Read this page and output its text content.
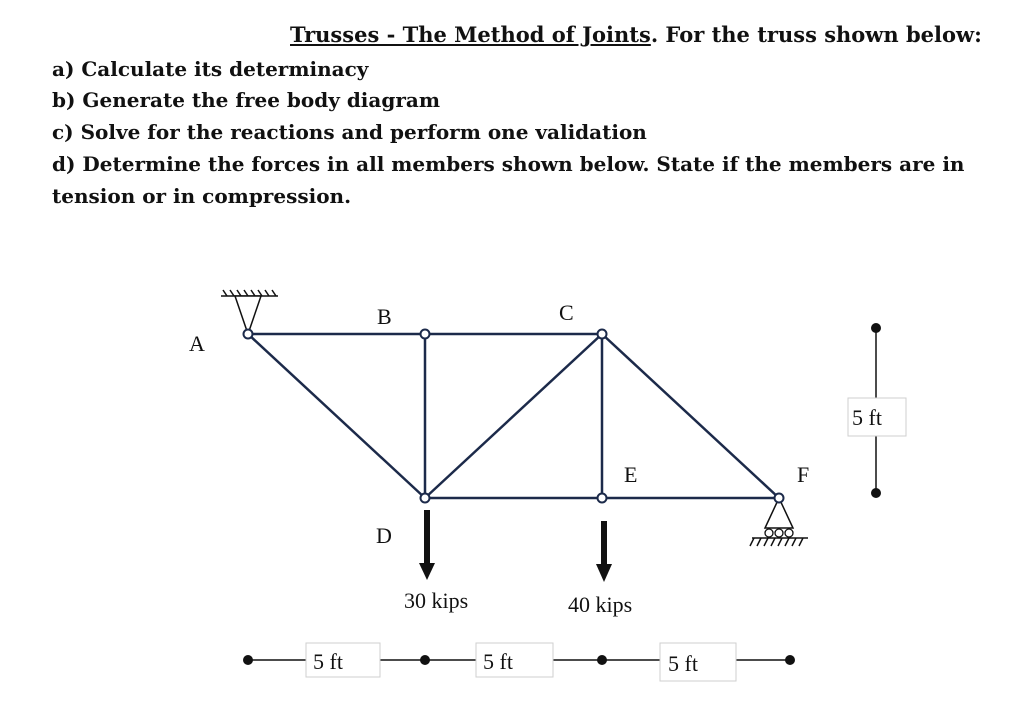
Trusses - The Method of Joints. For the truss shown below:
a) Calculate its determinacy
b) Generate the free body diagram
c) Solve for the reactions and perform one validation
d) Determine the forces in all members shown below. State if the members are in
tension or in compression.
A
B	C
D
E	F
30 kips	40 kips
5 ft	5 ft	5 ft
5 ft
